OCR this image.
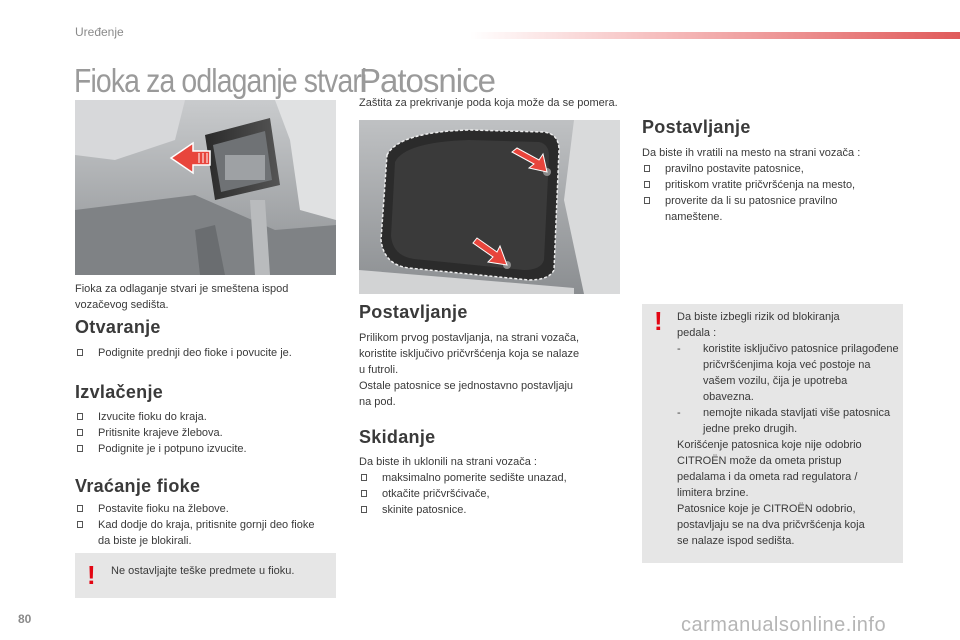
Uređenje
Fioka za odlaganje stvari
Patosnice
Zaštita za prekrivanje poda koja može da se pomera.
Fioka za odlaganje stvari je smeštena ispod
vozačevog sedišta.
Otvaranje
Podignite prednji deo fioke i povucite je.
Izvlačenje
Izvucite fioku do kraja.
Pritisnite krajeve žlebova.
Podignite je i potpuno izvucite.
Vraćanje fioke
Postavite fioku na žlebove.
Kad dodje do kraja, pritisnite gornji deo fioke da biste je blokirali.
! Ne ostavljajte teške predmete u fioku.
Postavljanje
Prilikom prvog postavljanja, na strani vozača,
koristite isključivo pričvršćenja koja se nalaze
u futroli.
Ostale patosnice se jednostavno postavljaju
na pod.
Skidanje
Da biste ih uklonili na strani vozača :
maksimalno pomerite sedište unazad,
otkačite pričvršćivače,
skinite patosnice.
Postavljanje
Da biste ih vratili na mesto na strani vozača :
pravilno postavite patosnice,
pritiskom vratite pričvršćenja na mesto,
proverite da li su patosnice pravilno nameštene.
! Da biste izbegli rizik od blokiranja
pedala :
- koristite isključivo patosnice prilagođene pričvršćenjima koja već postoje na vašem vozilu, čija je upotreba obavezna.
- nemojte nikada stavljati više patosnica jedne preko drugih.
Korišćenje patosnica koje nije odobrio
CITROËN može da ometa pristup
pedalama i da ometa rad regulatora /
limitera brzine.
Patosnice koje je CITROËN odobrio,
postavljaju se na dva pričvršćenja koja
se nalaze ispod sedišta.
80	carmanualsonline.info
